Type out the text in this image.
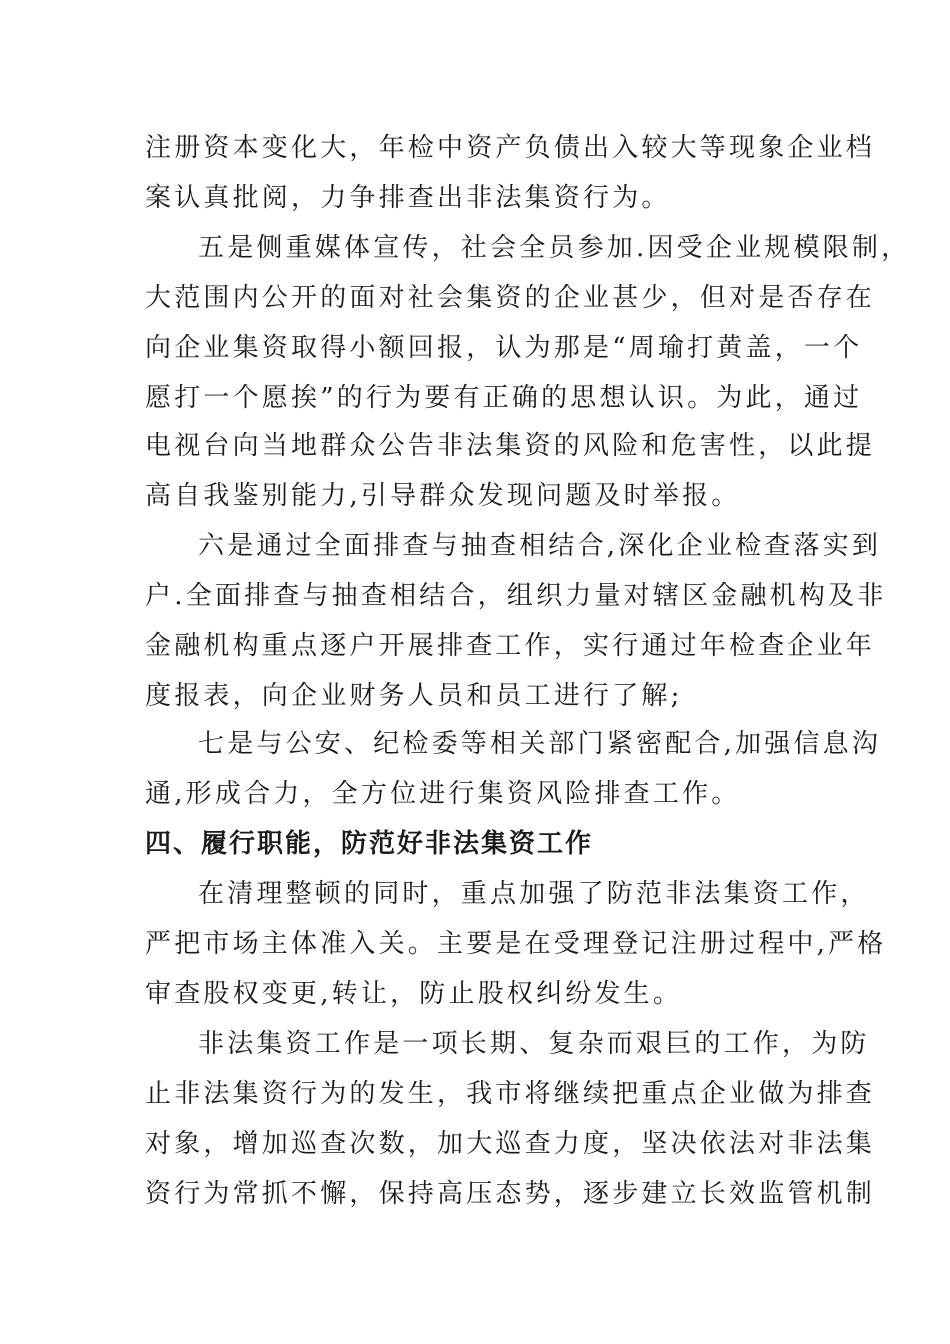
注册资本变化大，年检中资产负债出入较大等现象企业档
案认真批阅，力争排查出非法集资行为。
五是侧重媒体宣传，社会全员参加.因受企业规模限制，
大范围内公开的面对社会集资的企业甚少，但对是否存在
向企业集资取得小额回报，认为那是“周瑜打黄盖，一个
愿打一个愿挨”的行为要有正确的思想认识。为此，通过
电视台向当地群众公告非法集资的风险和危害性，以此提
高自我鉴别能力,引导群众发现问题及时举报。
六是通过全面排查与抽查相结合,深化企业检查落实到
户.全面排查与抽查相结合，组织力量对辖区金融机构及非
金融机构重点逐户开展排查工作，实行通过年检查企业年
度报表，向企业财务人员和员工进行了解;
七是与公安、纪检委等相关部门紧密配合,加强信息沟
通,形成合力，全方位进行集资风险排查工作。
四、履行职能，防范好非法集资工作
在清理整顿的同时，重点加强了防范非法集资工作，
严把市场主体准入关。主要是在受理登记注册过程中,严格
审查股权变更,转让，防止股权纠纷发生。
非法集资工作是一项长期、复杂而艰巨的工作，为防
止非法集资行为的发生，我市将继续把重点企业做为排查
对象，增加巡查次数，加大巡查力度，坚决依法对非法集
资行为常抓不懈，保持高压态势，逐步建立长效监管机制
